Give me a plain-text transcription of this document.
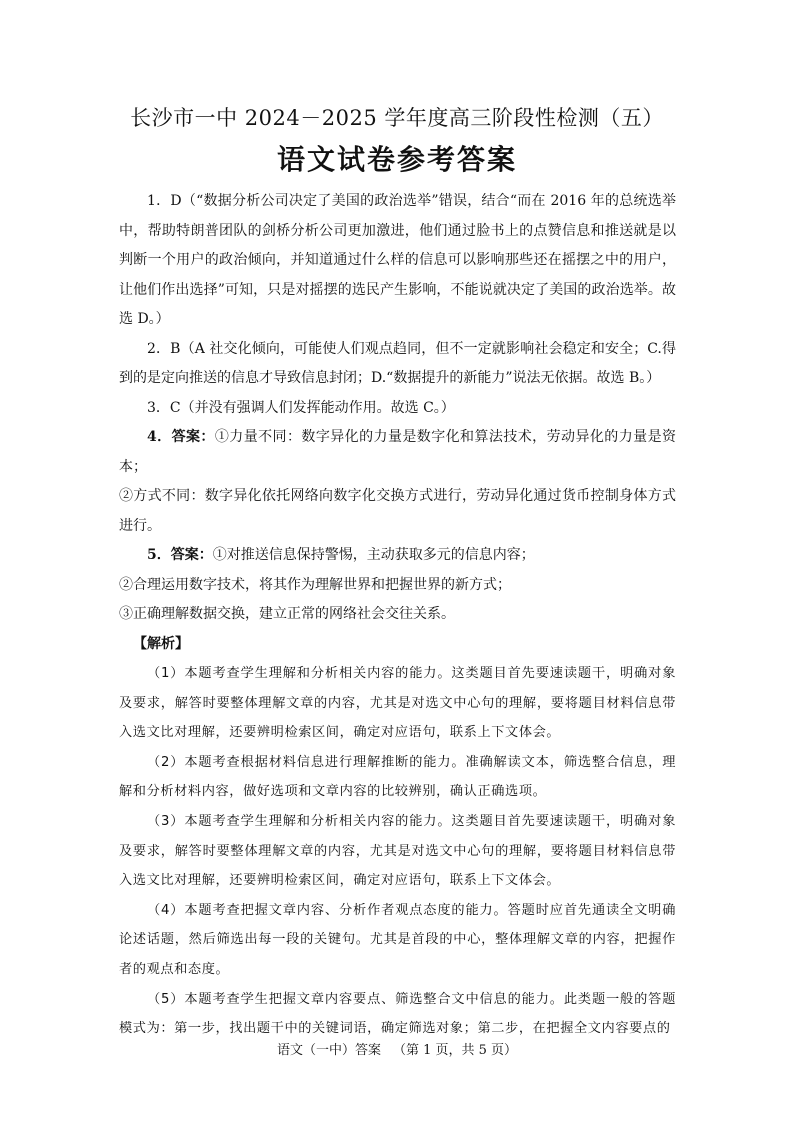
长沙市一中 2024－2025 学年度高三阶段性检测（五）
语文试卷参考答案

1．D（“数据分析公司决定了美国的政治选举”错误，结合“而在 2016 年的总统选举中，帮助特朗普团队的剑桥分析公司更加激进，他们通过脸书上的点赞信息和推送就是以判断一个用户的政治倾向，并知道通过什么样的信息可以影响那些还在摇摆之中的用户，让他们作出选择”可知，只是对摇摆的选民产生影响，不能说就决定了美国的政治选举。故选 D。）

2．B（A 社交化倾向，可能使人们观点趋同，但不一定就影响社会稳定和安全；C.得到的是定向推送的信息才导致信息封闭；D.“数据提升的新能力”说法无依据。故选 B。）

3．C（并没有强调人们发挥能动作用。故选 C。）

4．答案：①力量不同：数字异化的力量是数字化和算法技术，劳动异化的力量是资本；

②方式不同：数字异化依托网络向数字化交换方式进行，劳动异化通过货币控制身体方式进行。

5．答案：①对推送信息保持警惕，主动获取多元的信息内容；

②合理运用数字技术，将其作为理解世界和把握世界的新方式；

③正确理解数据交换，建立正常的网络社会交往关系。

【解析】

（1）本题考查学生理解和分析相关内容的能力。这类题目首先要速读题干，明确对象及要求，解答时要整体理解文章的内容，尤其是对选文中心句的理解，要将题目材料信息带入选文比对理解，还要辨明检索区间，确定对应语句，联系上下文体会。

（2）本题考查根据材料信息进行理解推断的能力。准确解读文本，筛选整合信息，理解和分析材料内容，做好选项和文章内容的比较辨别，确认正确选项。

（3）本题考查学生理解和分析相关内容的能力。这类题目首先要速读题干，明确对象及要求，解答时要整体理解文章的内容，尤其是对选文中心句的理解，要将题目材料信息带入选文比对理解，还要辨明检索区间，确定对应语句，联系上下文体会。

（4）本题考查把握文章内容、分析作者观点态度的能力。答题时应首先通读全文明确论述话题，然后筛选出每一段的关键句。尤其是首段的中心，整体理解文章的内容，把握作者的观点和态度。

（5）本题考查学生把握文章内容要点、筛选整合文中信息的能力。此类题一般的答题模式为：第一步，找出题干中的关键词语，确定筛选对象；第二步，在把握全文内容要点的

语文（一中）答案 （第 1 页，共 5 页）
